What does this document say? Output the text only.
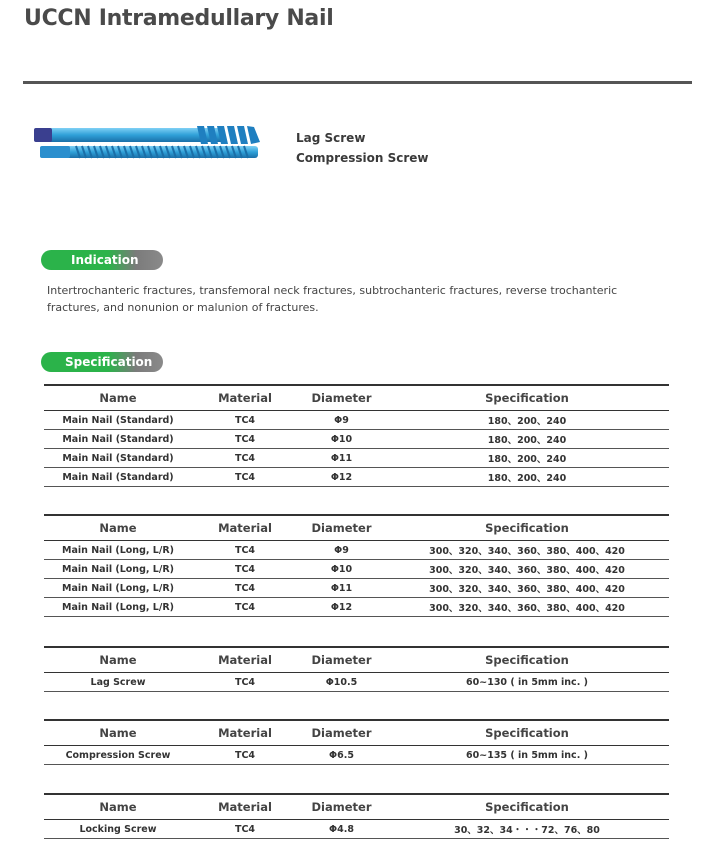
UCCN Intramedullary Nail
Lag Screw
Compression Screw
Indication
Intertrochanteric fractures, transfemoral neck fractures, subtrochanteric fractures, reverse trochanteric fractures, and nonunion or malunion of fractures.
Specification
Name	Material	Diameter	Specification
Main Nail (Standard)	TC4	Φ9	180、200、240
Main Nail (Standard)	TC4	Φ10	180、200、240
Main Nail (Standard)	TC4	Φ11	180、200、240
Main Nail (Standard)	TC4	Φ12	180、200、240
Name	Material	Diameter	Specification
Main Nail (Long, L/R)	TC4	Φ9	300、320、340、360、380、400、420
Main Nail (Long, L/R)	TC4	Φ10	300、320、340、360、380、400、420
Main Nail (Long, L/R)	TC4	Φ11	300、320、340、360、380、400、420
Main Nail (Long, L/R)	TC4	Φ12	300、320、340、360、380、400、420
Name	Material	Diameter	Specification
Lag Screw	TC4	Φ10.5	60~130 ( in 5mm inc. )
Name	Material	Diameter	Specification
Compression Screw	TC4	Φ6.5	60~135 ( in 5mm inc. )
Name	Material	Diameter	Specification
Locking Screw	TC4	Φ4.8	30、32、34・・・72、76、80
